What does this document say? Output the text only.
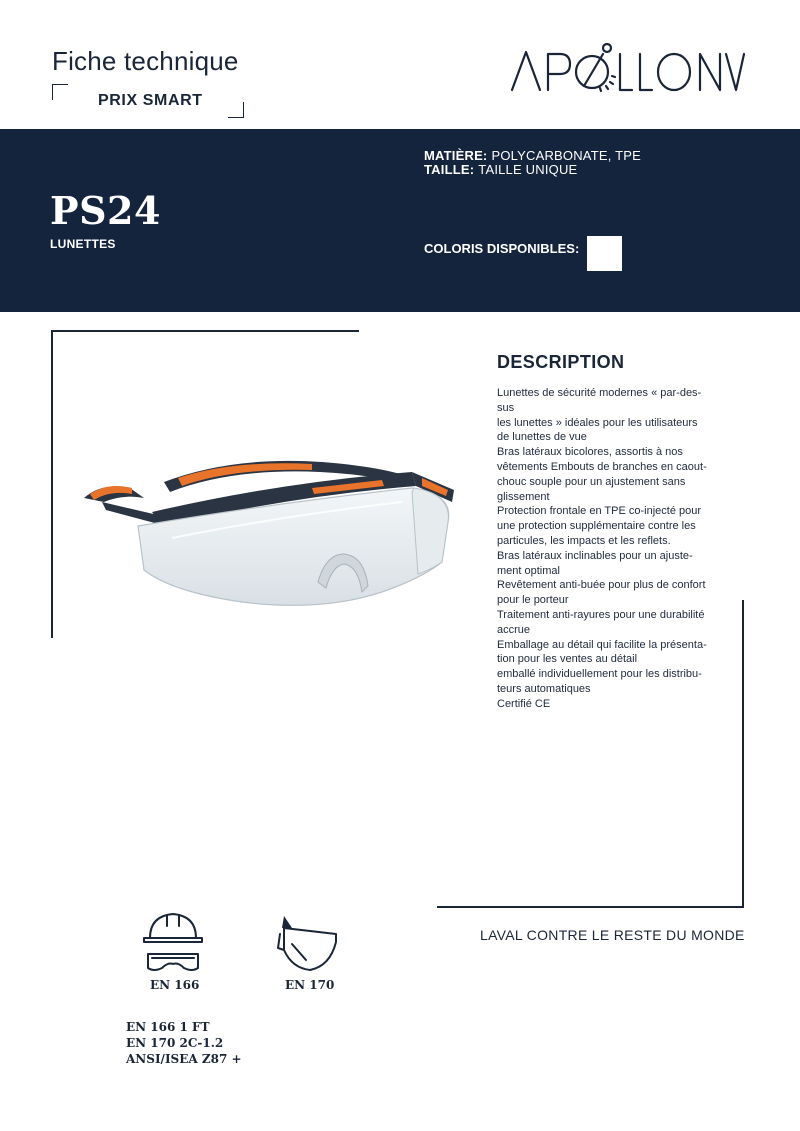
Fiche technique
PRIX SMART
MATIÈRE: POLYCARBONATE, TPE
TAILLE: TAILLE UNIQUE
PS24
LUNETTES	COLORIS DISPONIBLES:
DESCRIPTION
Lunettes de sécurité modernes « par-des-
sus
les lunettes » idéales pour les utilisateurs
de lunettes de vue
Bras latéraux bicolores, assortis à nos
vêtements Embouts de branches en caout-
chouc souple pour un ajustement sans
glissement
Protection frontale en TPE co-injecté pour
une protection supplémentaire contre les
particules, les impacts et les reflets.
Bras latéraux inclinables pour un ajuste-
ment optimal
Revêtement anti-buée pour plus de confort
pour le porteur
Traitement anti-rayures pour une durabilité
accrue
Emballage au détail qui facilite la présenta-
tion pour les ventes au détail
emballé individuellement pour les distribu-
teurs automatiques
Certifié CE
LAVAL CONTRE LE RESTE DU MONDE
EN 166	EN 170
EN 166 1 FT
EN 170 2C-1.2
ANSI/ISEA Z87 +
